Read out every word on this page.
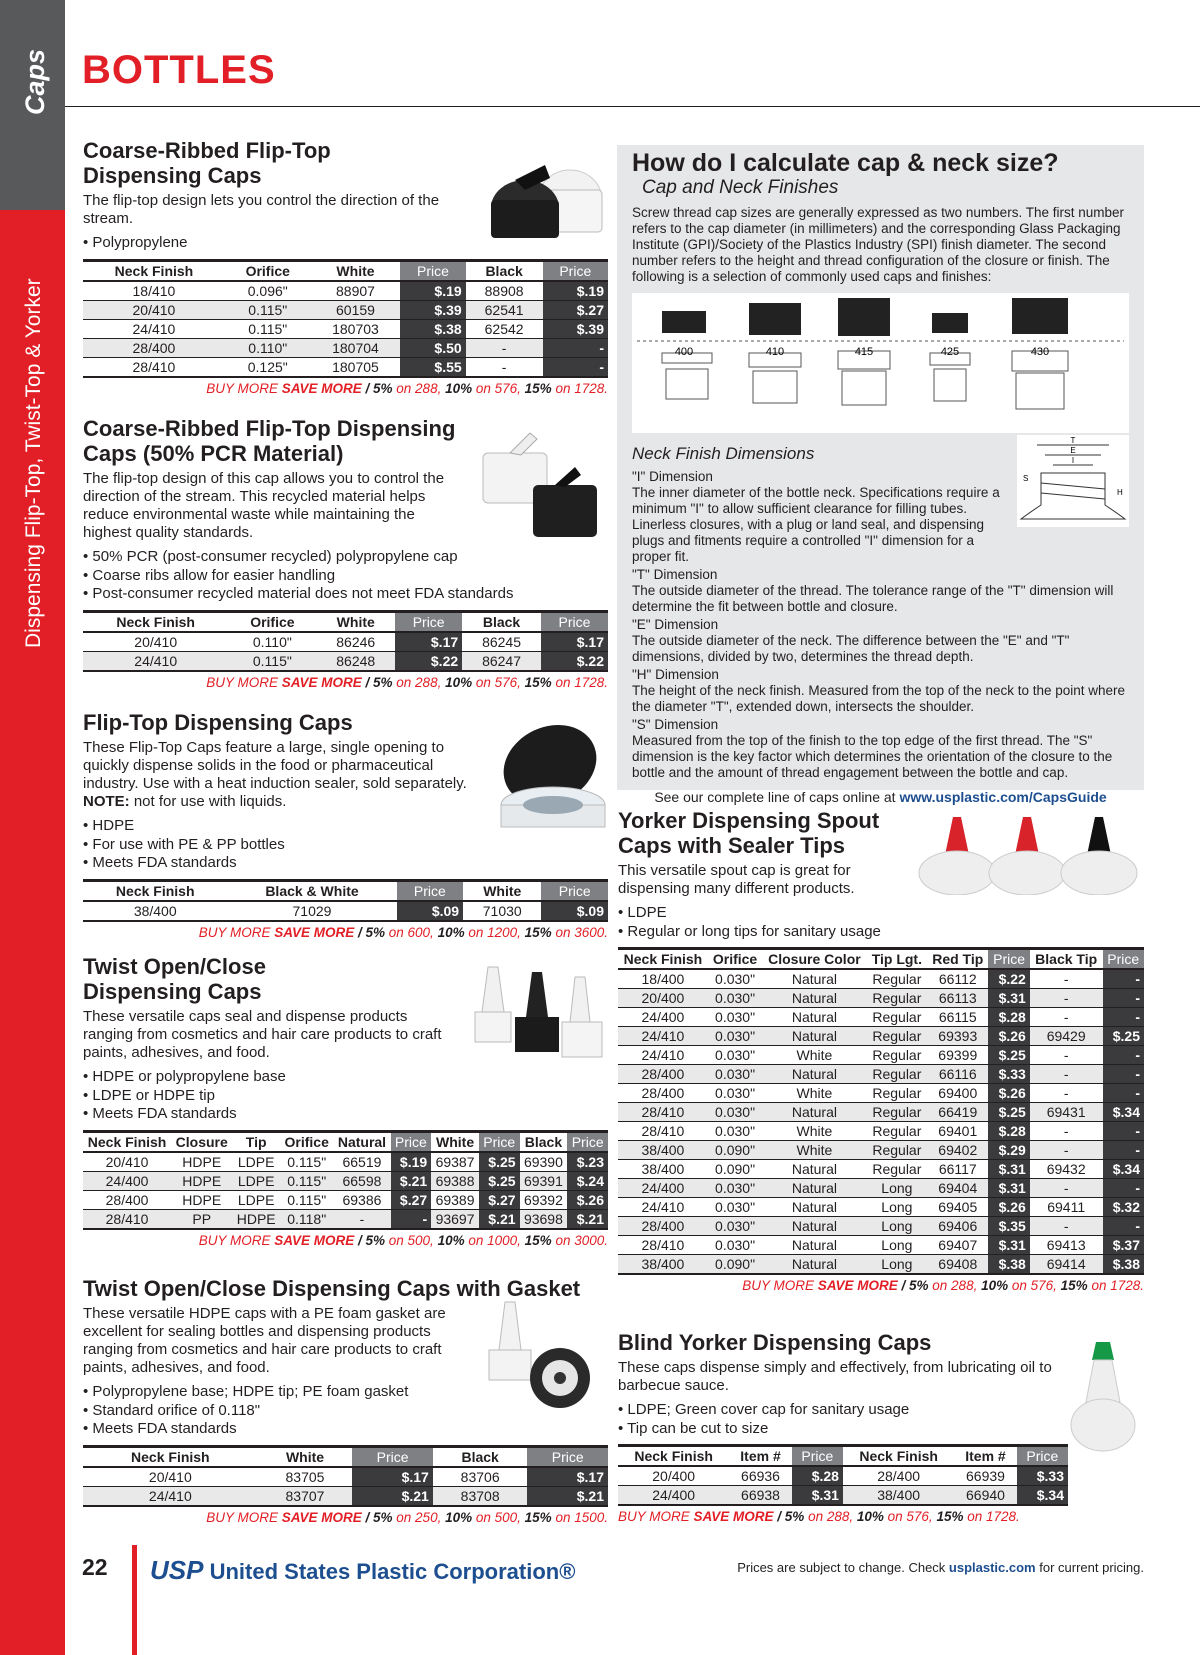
Caps
Dispensing Flip-Top, Twist-Top & Yorker
BOTTLES
Coarse-Ribbed Flip-Top Dispensing Caps
The flip-top design lets you control the direction of the stream.
• Polypropylene
Neck Finish	Orifice	White	Price	Black	Price
18/410	0.096"	88907	$.19	88908	$.19
20/410	0.115"	60159	$.39	62541	$.27
24/410	0.115"	180703	$.38	62542	$.39
28/400	0.110"	180704	$.50	-	-
28/410	0.125"	180705	$.55	-	-
BUY MORE SAVE MORE / 5% on 288, 10% on 576, 15% on 1728.
Coarse-Ribbed Flip-Top Dispensing Caps (50% PCR Material)
The flip-top design of this cap allows you to control the direction of the stream. This recycled material helps reduce environmental waste while maintaining the highest quality standards.
• 50% PCR (post-consumer recycled) polypropylene cap
• Coarse ribs allow for easier handling
• Post-consumer recycled material does not meet FDA standards
Neck Finish	Orifice	White	Price	Black	Price
20/410	0.110"	86246	$.17	86245	$.17
24/410	0.115"	86248	$.22	86247	$.22
BUY MORE SAVE MORE / 5% on 288, 10% on 576, 15% on 1728.
Flip-Top Dispensing Caps
These Flip-Top Caps feature a large, single opening to quickly dispense solids in the food or pharmaceutical industry. Use with a heat induction sealer, sold separately. NOTE: not for use with liquids.
• HDPE
• For use with PE & PP bottles
• Meets FDA standards
Neck Finish	Black & White	Price	White	Price
38/400	71029	$.09	71030	$.09
BUY MORE SAVE MORE / 5% on 600, 10% on 1200, 15% on 3600.
Twist Open/Close Dispensing Caps
These versatile caps seal and dispense products ranging from cosmetics and hair care products to craft paints, adhesives, and food.
• HDPE or polypropylene base
• LDPE or HDPE tip
• Meets FDA standards
Neck Finish	Closure	Tip	Orifice	Natural	Price	White	Price	Black	Price
20/410	HDPE	LDPE	0.115"	66519	$.19	69387	$.25	69390	$.23
24/400	HDPE	LDPE	0.115"	66598	$.21	69388	$.25	69391	$.24
28/400	HDPE	LDPE	0.115"	69386	$.27	69389	$.27	69392	$.26
28/410	PP	HDPE	0.118"	-	-	93697	$.21	93698	$.21
BUY MORE SAVE MORE / 5% on 500, 10% on 1000, 15% on 3000.
Twist Open/Close Dispensing Caps with Gasket
These versatile HDPE caps with a PE foam gasket are excellent for sealing bottles and dispensing products ranging from cosmetics and hair care products to craft paints, adhesives, and food.
• Polypropylene base; HDPE tip; PE foam gasket
• Standard orifice of 0.118"
• Meets FDA standards
Neck Finish	White	Price	Black	Price
20/410	83705	$.17	83706	$.17
24/410	83707	$.21	83708	$.21
BUY MORE SAVE MORE / 5% on 250, 10% on 500, 15% on 1500.
How do I calculate cap & neck size?
Cap and Neck Finishes

Screw thread cap sizes are generally expressed as two numbers. The first number refers to the cap diameter (in millimeters) and the corresponding Glass Packaging Institute (GPI)/Society of the Plastics Industry (SPI) finish diameter. The second number refers to the height and thread configuration of the closure or finish. The following is a selection of commonly used caps and finishes:

400	410	415	425	430
Neck Finish Dimensions
T
E
I
S
H
"I" Dimension

The inner diameter of the bottle neck. Specifications require a minimum "I" to allow sufficient clearance for filling tubes. Linerless closures, with a plug or land seal, and dispensing plugs and fitments require a controlled "I" dimension for a proper fit.

"T" Dimension

The outside diameter of the thread. The tolerance range of the "T" dimension will determine the fit between bottle and closure.

"E" Dimension

The outside diameter of the neck. The difference between the "E" and "T" dimensions, divided by two, determines the thread depth.

"H" Dimension

The height of the neck finish. Measured from the top of the neck to the point where the diameter "T", extended down, intersects the shoulder.

"S" Dimension

Measured from the top of the finish to the top edge of the first thread. The "S" dimension is the key factor which determines the orientation of the closure to the bottle and the amount of thread engagement between the bottle and cap.

See our complete line of caps online at www.usplastic.com/CapsGuide

Yorker Dispensing Spout Caps with Sealer Tips
This versatile spout cap is great for dispensing many different products.
• LDPE
• Regular or long tips for sanitary usage
Neck Finish	Orifice	Closure Color	Tip Lgt.	Red Tip	Price	Black Tip	Price
18/400	0.030"	Natural	Regular	66112	$.22	-	-
20/400	0.030"	Natural	Regular	66113	$.31	-	-
24/400	0.030"	Natural	Regular	66115	$.28	-	-
24/410	0.030"	Natural	Regular	69393	$.26	69429	$.25
24/410	0.030"	White	Regular	69399	$.25	-	-
28/400	0.030"	Natural	Regular	66116	$.33	-	-
28/400	0.030"	White	Regular	69400	$.26	-	-
28/410	0.030"	Natural	Regular	66419	$.25	69431	$.34
28/410	0.030"	White	Regular	69401	$.28	-	-
38/400	0.090"	White	Regular	69402	$.29	-	-
38/400	0.090"	Natural	Regular	66117	$.31	69432	$.34
24/400	0.030"	Natural	Long	69404	$.31	-	-
24/410	0.030"	Natural	Long	69405	$.26	69411	$.32
28/400	0.030"	Natural	Long	69406	$.35	-	-
28/410	0.030"	Natural	Long	69407	$.31	69413	$.37
38/400	0.090"	Natural	Long	69408	$.38	69414	$.38
BUY MORE SAVE MORE / 5% on 288, 10% on 576, 15% on 1728.
Blind Yorker Dispensing Caps
These caps dispense simply and effectively, from lubricating oil to barbecue sauce.
• LDPE; Green cover cap for sanitary usage
• Tip can be cut to size
Neck Finish	Item #	Price	Neck Finish	Item #	Price
20/400	66936	$.28	28/400	66939	$.33
24/400	66938	$.31	38/400	66940	$.34
BUY MORE SAVE MORE / 5% on 288, 10% on 576, 15% on 1728.
22 USP United States Plastic Corporation®	Prices are subject to change. Check usplastic.com for current pricing.
